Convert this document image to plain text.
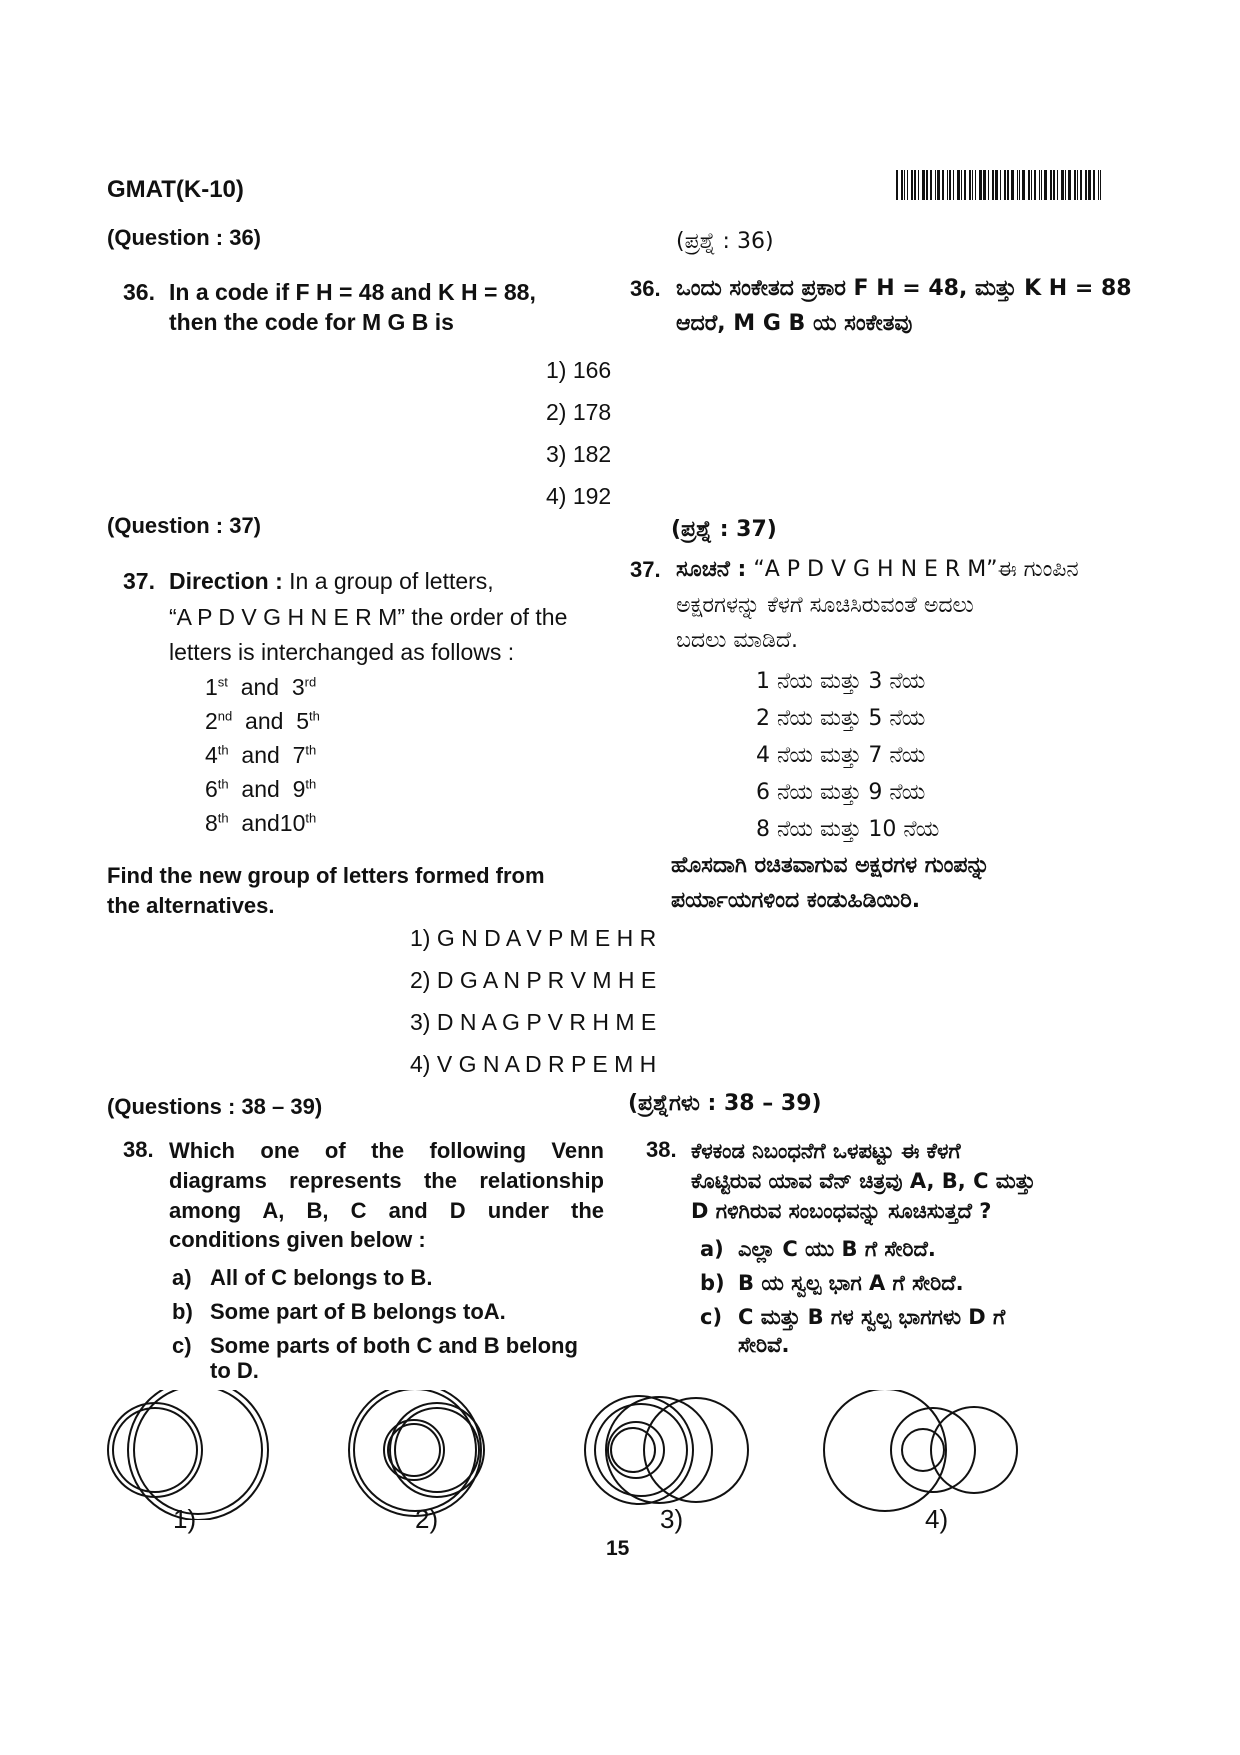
GMAT(K-10)
(Question : 36)	(ಪ್ರಶ್ನೆ : 36)
36. In a code if F H = 48 and K H = 88,
then the code for M G B is
36. ಒಂದು ಸಂಕೇತದ ಪ್ರಕಾರ F H = 48, ಮತ್ತು K H = 88
ಆದರೆ, M G B ಯ ಸಂಕೇತವು
1) 166
2) 178
3) 182
4) 192
(Question : 37)	(ಪ್ರಶ್ನೆ : 37)
37. Direction : In a group of letters,
“A P D V G H N E R M” the order of the
letters is interchanged as follows :
1st and 3rd
2nd and 5th
4th and 7th
6th and 9th
8th and10th
Find the new group of letters formed from
the alternatives.
37. ಸೂಚನೆ : “A P D V G H N E R M”ಈ ಗುಂಪಿನ
ಅಕ್ಷರಗಳನ್ನು ಕೆಳಗೆ ಸೂಚಿಸಿರುವಂತೆ ಅದಲು
ಬದಲು ಮಾಡಿದೆ.
1 ನೆಯ ಮತ್ತು 3 ನೆಯ
2 ನೆಯ ಮತ್ತು 5 ನೆಯ
4 ನೆಯ ಮತ್ತು 7 ನೆಯ
6 ನೆಯ ಮತ್ತು 9 ನೆಯ
8 ನೆಯ ಮತ್ತು 10 ನೆಯ
ಹೊಸದಾಗಿ ರಚಿತವಾಗುವ ಅಕ್ಷರಗಳ ಗುಂಪನ್ನು
ಪರ್ಯಾಯಗಳಿಂದ ಕಂಡುಹಿಡಿಯಿರಿ.
1) G N D A V P M E H R
2) D G A N P R V M H E
3) D N A G P V R H M E
4) V G N A D R P E M H
(Questions : 38 – 39)	(ಪ್ರಶ್ನೆಗಳು : 38 – 39)
38. Which one of the following Venn
diagrams represents the relationship
among A, B, C and D under the
conditions given below :
a) All of C belongs to B.
b) Some part of B belongs toA.
c) Some parts of both C and B belong
to D.
38. ಕೆಳಕಂಡ ನಿಬಂಧನೆಗೆ ಒಳಪಟ್ಟು ಈ ಕೆಳಗೆ
ಕೊಟ್ಟಿರುವ ಯಾವ ವೆನ್ ಚಿತ್ರವು A, B, C ಮತ್ತು
D ಗಳಿಗಿರುವ ಸಂಬಂಧವನ್ನು ಸೂಚಿಸುತ್ತದೆ ?
a) ಎಲ್ಲಾ C ಯು B ಗೆ ಸೇರಿದೆ.
b) B ಯ ಸ್ವಲ್ಪ ಭಾಗ A ಗೆ ಸೇರಿದೆ.
c) C ಮತ್ತು B ಗಳ ಸ್ವಲ್ಪ ಭಾಗಗಳು D ಗೆ
ಸೇರಿವೆ.
1)	2)	3)	4)
15
